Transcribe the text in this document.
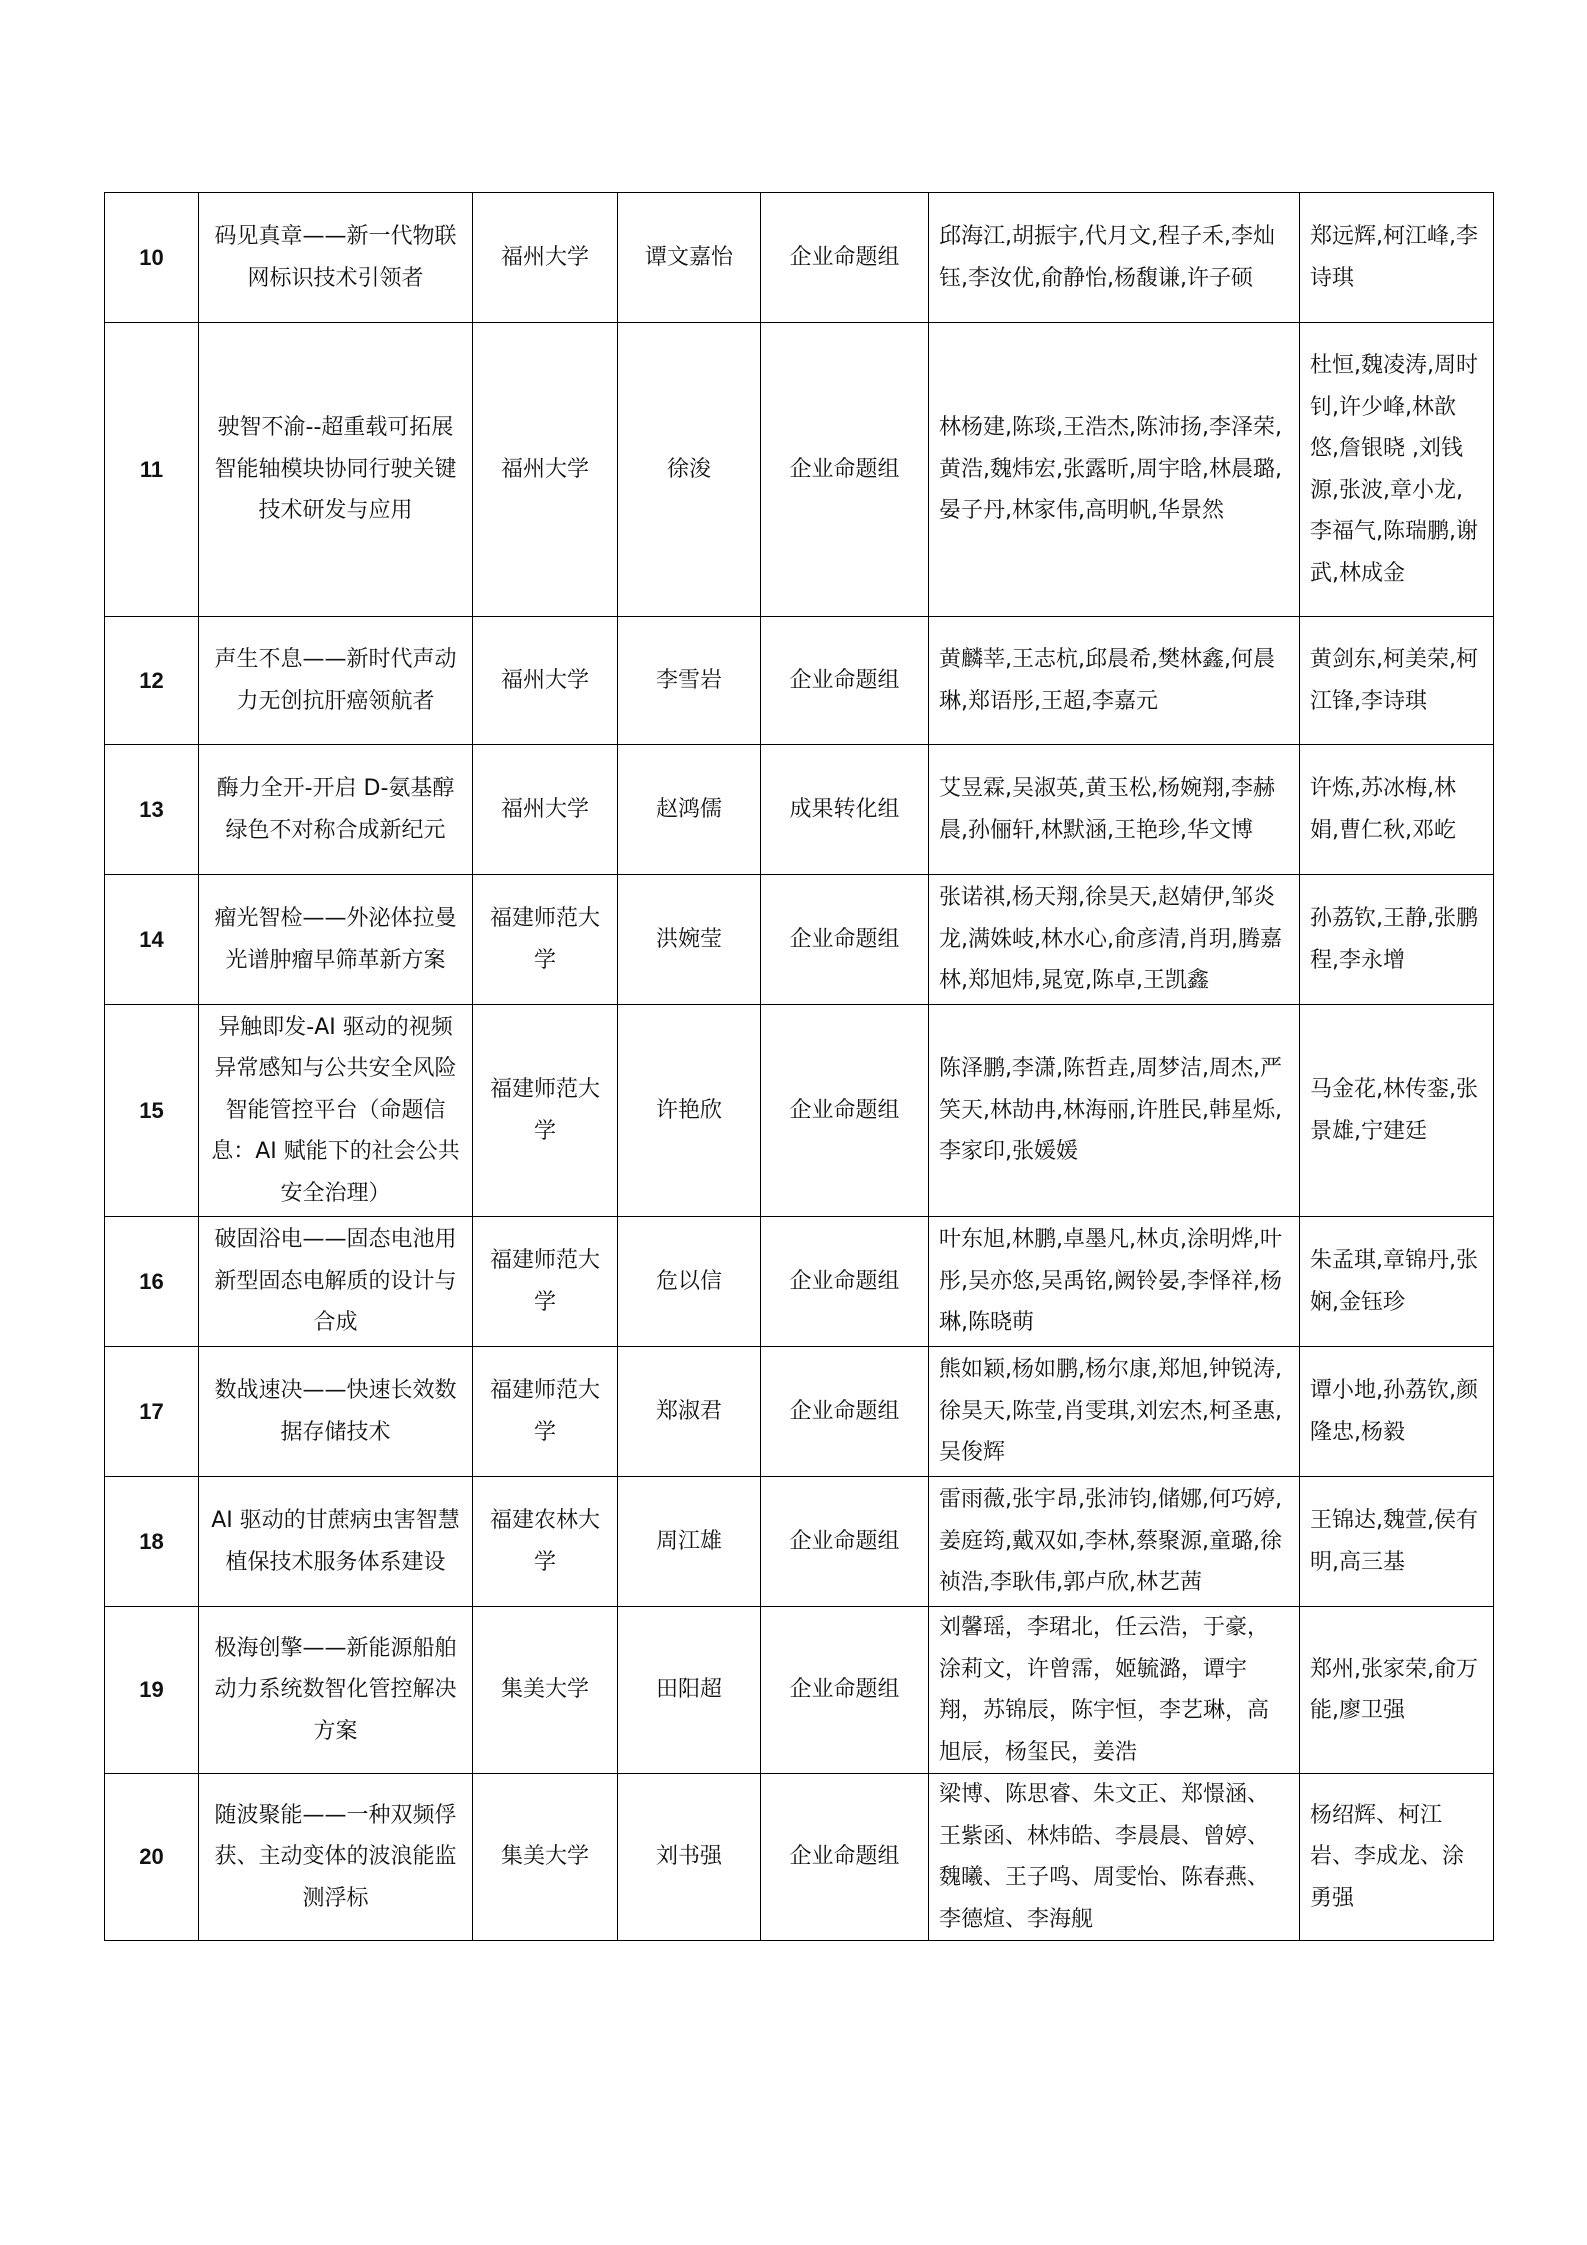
10	码见真章——新一代物联网标识技术引领者	福州大学	谭文嘉怡	企业命题组	邱海江,胡振宇,代月文,程子禾,李灿钰,李汝优,俞静怡,杨馥谦,许子硕	郑远辉,柯江峰,李诗琪
11	驶智不渝--超重载可拓展智能轴模块协同行驶关键技术研发与应用	福州大学	徐浚	企业命题组	林杨建,陈琰,王浩杰,陈沛扬,李泽荣,黄浩,魏炜宏,张露昕,周宇晗,林晨璐,晏子丹,林家伟,高明帆,华景然	杜恒,魏凌涛,周时钊,许少峰,林歆悠,詹银晓 ,刘钱源,张波,章小龙,李福气,陈瑞鹏,谢武,林成金
12	声生不息——新时代声动力无创抗肝癌领航者	福州大学	李雪岩	企业命题组	黄麟莘,王志杭,邱晨希,樊林鑫,何晨琳,郑语彤,王超,李嘉元	黄剑东,柯美荣,柯江锋,李诗琪
13	酶力全开-开启 D-氨基醇绿色不对称合成新纪元	福州大学	赵鸿儒	成果转化组	艾昱霖,吴淑英,黄玉松,杨婉翔,李赫晨,孙俪轩,林默涵,王艳珍,华文博	许炼,苏冰梅,林娟,曹仁秋,邓屹
14	瘤光智检——外泌体拉曼光谱肿瘤早筛革新方案	福建师范大学	洪婉莹	企业命题组	张诺祺,杨天翔,徐昊天,赵婧伊,邹炎龙,满姝岐,林水心,俞彦清,肖玥,腾嘉林,郑旭炜,晁宽,陈卓,王凯鑫	孙荔钦,王静,张鹏程,李永增
15	异触即发-AI 驱动的视频异常感知与公共安全风险智能管控平台（命题信息：AI 赋能下的社会公共安全治理）	福建师范大学	许艳欣	企业命题组	陈泽鹏,李潇,陈哲垚,周梦洁,周杰,严笑天,林劼冉,林海丽,许胜民,韩星烁,李家印,张媛媛	马金花,林传銮,张景雄,宁建廷
16	破固浴电——固态电池用新型固态电解质的设计与合成	福建师范大学	危以信	企业命题组	叶东旭,林鹏,卓墨凡,林贞,涂明烨,叶彤,吴亦悠,吴禹铭,阙铃晏,李怿祥,杨琳,陈晓萌	朱孟琪,章锦丹,张娴,金钰珍
17	数战速决——快速长效数据存储技术	福建师范大学	郑淑君	企业命题组	熊如颖,杨如鹏,杨尔康,郑旭,钟锐涛,徐昊天,陈莹,肖雯琪,刘宏杰,柯圣惠,吴俊辉	谭小地,孙荔钦,颜隆忠,杨毅
18	AI 驱动的甘蔗病虫害智慧植保技术服务体系建设	福建农林大学	周江雄	企业命题组	雷雨薇,张宇昂,张沛钧,储娜,何巧婷,姜庭筠,戴双如,李林,蔡聚源,童璐,徐祯浩,李耿伟,郭卢欣,林艺茜	王锦达,魏萱,侯有明,高三基
19	极海创擎——新能源船舶动力系统数智化管控解决方案	集美大学	田阳超	企业命题组	刘馨瑶，李珺北，任云浩，于豪，涂莉文，许曾霈，姬毓潞，谭宇翔，苏锦辰，陈宇恒，李艺琳，高旭辰，杨玺民，姜浩	郑州,张家荣,俞万能,廖卫强
20	随波聚能——一种双频俘获、主动变体的波浪能监测浮标	集美大学	刘书强	企业命题组	梁博、陈思睿、朱文正、郑憬涵、王紫函、林炜皓、李晨晨、曾婷、魏曦、王子鸣、周雯怡、陈春燕、李德煊、李海舰	杨绍辉、柯江岩、李成龙、涂勇强
